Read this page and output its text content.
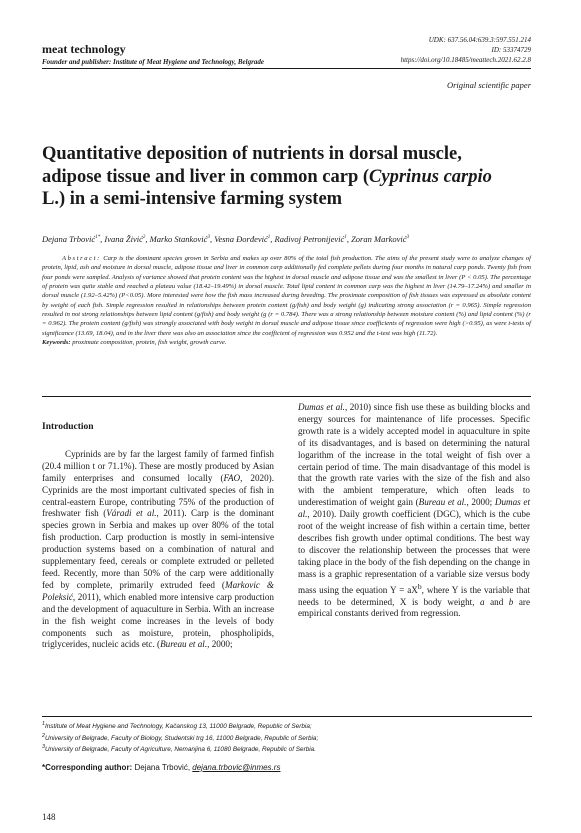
meat technology
Founder and publisher: Institute of Meat Hygiene and Technology, Belgrade
UDK: 637.56.04:639.3:597.551.214
ID: 53374729
https://doi.org/10.18485/meattech.2021.62.2.8
Original scientific paper
Quantitative deposition of nutrients in dorsal muscle, adipose tissue and liver in common carp (Cyprinus carpio L.) in a semi-intensive farming system
Dejana Trbović$^{1*}$, Ivana Živić$^2$, Marko Stanković$^3$, Vesna Đorđević$^1$, Radivoj Petronijević$^1$, Zoran Marković$^3$

Abstract: Carp is the dominant species grown in Serbia and makes up over 80% of the total fish production. The aims of the present study were to analyze changes of protein, lipid, ash and moisture in dorsal muscle, adipose tissue and liver in common carp additionally fed complete pellets during four months in natural carp ponds. Twenty fish from four ponds were sampled. Analysis of variance showed that protein content was the highest in dorsal muscle and adipose tissue and was the smallest in liver (P < 0.05). The percentage of protein was quite stable and reached a plateau value (18.42–19.49%) in dorsal muscle. Total lipid content in common carp was the highest in liver (14.79–17.24%) and smaller in dorsal muscle (1.92–5.42%) (P<0.05). More interested were how the fish mass increased during breeding. The proximate composition of fish tissues was expressed as absolute content by weight of each fish. Simple regression resulted in relationships between protein content (g/fish) and body weight (g) indicating strong association (r = 0.965). Simple regression resulted in not strong relationships between lipid content (g/fish) and body weight (g (r = 0.784). There was a strong relationship between moisture content (%) and lipid content (%) (r = 0.962). The protein content (g/fish) was strongly associated with body weight in dorsal muscle and adipose tissue since coefficients of regression were high (>0.95), as were t-tests of significance (13.69, 18.04), and in the liver there was also an association since the coefficient of regression was 0.952 and the t-test was high (11.72).
Keywords: proximate composition, protein, fish weight, growth curve.

Introduction

Cyprinids are by far the largest family of farmed finfish (20.4 million t or 71.1%). These are mostly produced by Asian family enterprises and consumed locally (FAO, 2020). Cyprinids are the most important cultivated species of fish in central-eastern Europe, contributing 75% of the production of freshwater fish (Váradi et al., 2011). Carp is the dominant species grown in Serbia and makes up over 80% of the total fish production. Carp production is mostly in semi-intensive production systems based on a combination of natural and supplementary feed, cereals or complete extruded or pelleted feed. Recently, more than 50% of the carp were additionally fed by complete, primarily extruded feed (Markovic & Poleksić, 2011), which enabled more intensive carp production and the development of aquaculture in Serbia. With an increase in the fish weight come increases in the levels of body components such as moisture, protein, phospholipids, triglycerides, nucleic acids etc. (Bureau et al., 2000;

Dumas et al., 2010) since fish use these as building blocks and energy sources for maintenance of life processes. Specific growth rate is a widely accepted model in aquaculture in spite of its disadvantages, and is based on determining the natural logarithm of the increase in the total weight of fish over a certain period of time. The main disadvantage of this model is that the growth rate varies with the size of the fish and also with the ambient temperature, which often leads to underestimation of weight gain (Bureau et al., 2000; Dumas et al., 2010). Daily growth coefficient (DGC), which is the cube root of the weight increase of fish within a certain time, better describes fish growth under optimal conditions. The best way to discover the relationship between the processes that were taking place in the body of the fish depending on the change in mass is a graphic representation of a variable size versus body mass using the equation $Y = aX^b$, where Y is the variable that needs to be determined, X is body weight, a and b are empirical constants derived from regression.

$^1$Institute of Meat Hygiene and Technology, Kačanskog 13, 11000 Belgrade, Republic of Serbia;

$^2$University of Belgrade, Faculty of Biology, Studentski trg 16, 11000 Belgrade, Republic of Serbia;

$^3$University of Belgrade, Faculty of Agriculture, Nemanjina 6, 11080 Belgrade, Republic of Serbia.

*Corresponding author: Dejana Trbović, dejana.trbovic@inmes.rs
148
